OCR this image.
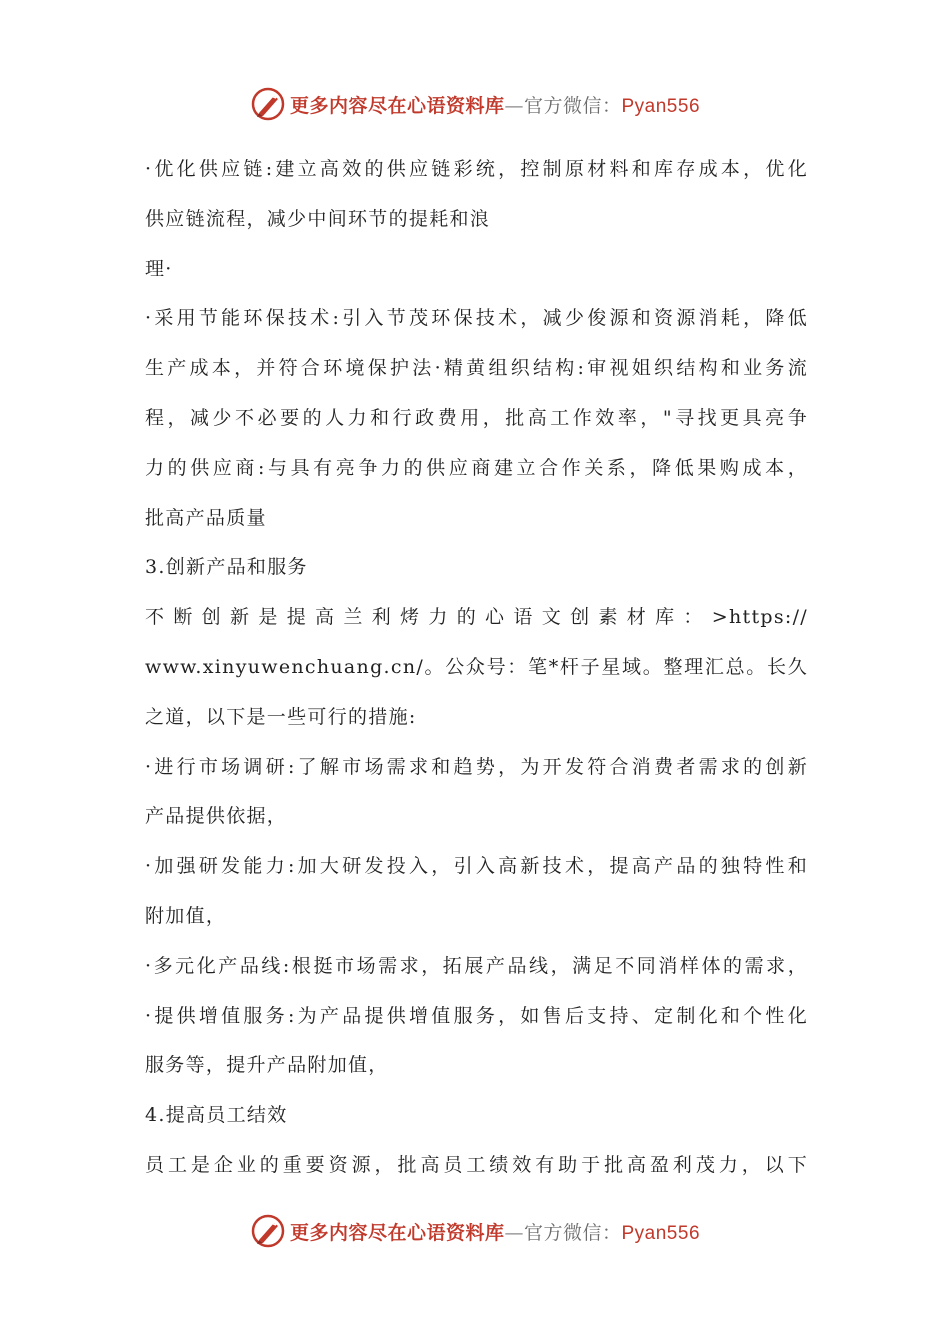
更多内容尽在心语资料库—官方微信：Pyan556
·优化供应链:建立高效的供应链彩统，控制原材料和库存成本，优化
供应链流程，减少中间环节的提耗和浪
理·
·采用节能环保技术:引入节茂环保技术，减少俊源和资源消耗，降低
生产成本，并符合环境保护法·精黄组织结构:审视姐织结构和业务流
程，减少不必要的人力和行政费用，批高工作效率，"寻找更具亮争
力的供应商:与具有亮争力的供应商建立合作关系，降低果购成本，
批高产品质量
3.创新产品和服务
不断创新是提高兰利烤力的心语文创素材库：>https://
www.xinyuwenchuang.cn/。公众号：笔*杆子星域。整理汇总。长久
之道，以下是一些可行的措施:
·进行市场调研:了解市场需求和趋势，为开发符合消费者需求的创新
产品提供依据，
·加强研发能力:加大研发投入，引入高新技术，提高产品的独特性和
附加值，
·多元化产品线:根挺市场需求，拓展产品线，满足不同消样体的需求，
·提供增值服务:为产品提供增值服务，如售后支持、定制化和个性化
服务等，提升产品附加值，
4.提高员工结效
员工是企业的重要资源，批高员工绩效有助于批高盈利茂力，以下
更多内容尽在心语资料库—官方微信：Pyan556
